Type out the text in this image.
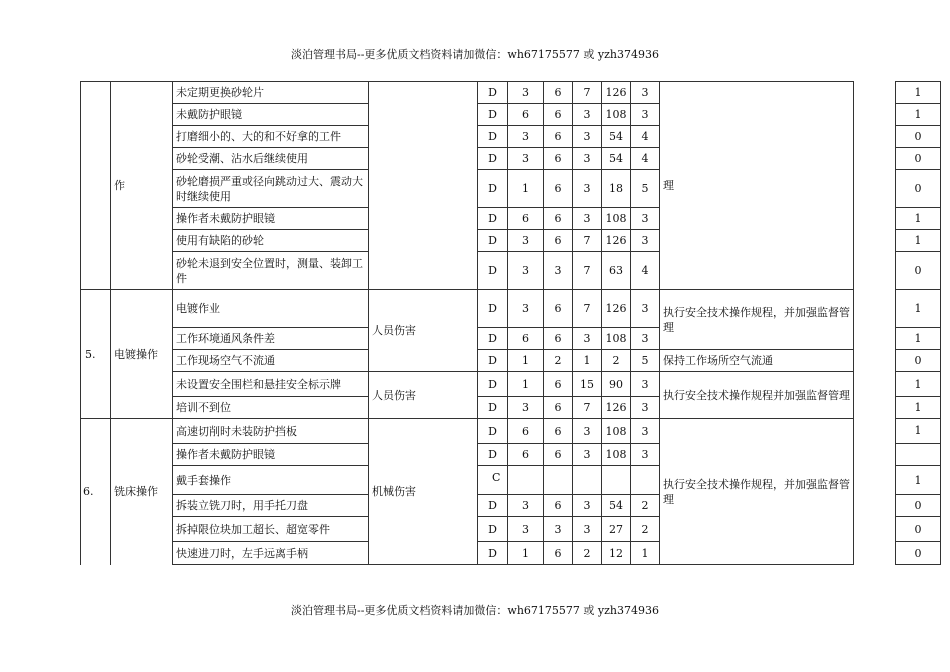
淡泊管理书局--更多优质文档资料请加微信：wh67175577 或 yzh374936
	作	未定期更换砂轮片		D	3	6	7	126	3	理		1
		未戴防护眼镜		D	6	6	3	108	3			1
		打磨细小的、大的和不好拿的工件		D	3	6	3	54	4			0
		砂轮受潮、沾水后继续使用		D	3	6	3	54	4			0
		砂轮磨损严重或径向跳动过大、震动大时继续使用		D	1	6	3	18	5			0
		操作者未戴防护眼镜		D	6	6	3	108	3			1
		使用有缺陷的砂轮		D	3	6	7	126	3			1
		砂轮未退到安全位置时，测量、装卸工件		D	3	3	7	63	4			0
5.	电镀操作	电镀作业	人员伤害	D	3	6	7	126	3	执行安全技术操作规程，并加强监督管理		1
		工作环境通风条件差		D	6	6	3	108	3			1
		工作现场空气不流通		D	1	2	1	2	5	保持工作场所空气流通		0
		未设置安全围栏和悬挂安全标示牌	人员伤害	D	1	6	15	90	3	执行安全技术操作规程并加强监督管理		1
		培训不到位		D	3	6	7	126	3			1
6.	铣床操作	高速切削时未装防护挡板	机械伤害	D	6	6	3	108	3	执行安全技术操作规程，并加强监督管理		1
		操作者未戴防护眼镜		D	6	6	3	108	3			
		戴手套操作		C								1
		拆装立铣刀时，用手托刀盘		D	3	6	3	54	2			0
		拆掉限位块加工超长、超宽零件		D	3	3	3	27	2			0
		快速进刀时，左手远离手柄		D	1	6	2	12	1			0
淡泊管理书局--更多优质文档资料请加微信：wh67175577 或 yzh374936
